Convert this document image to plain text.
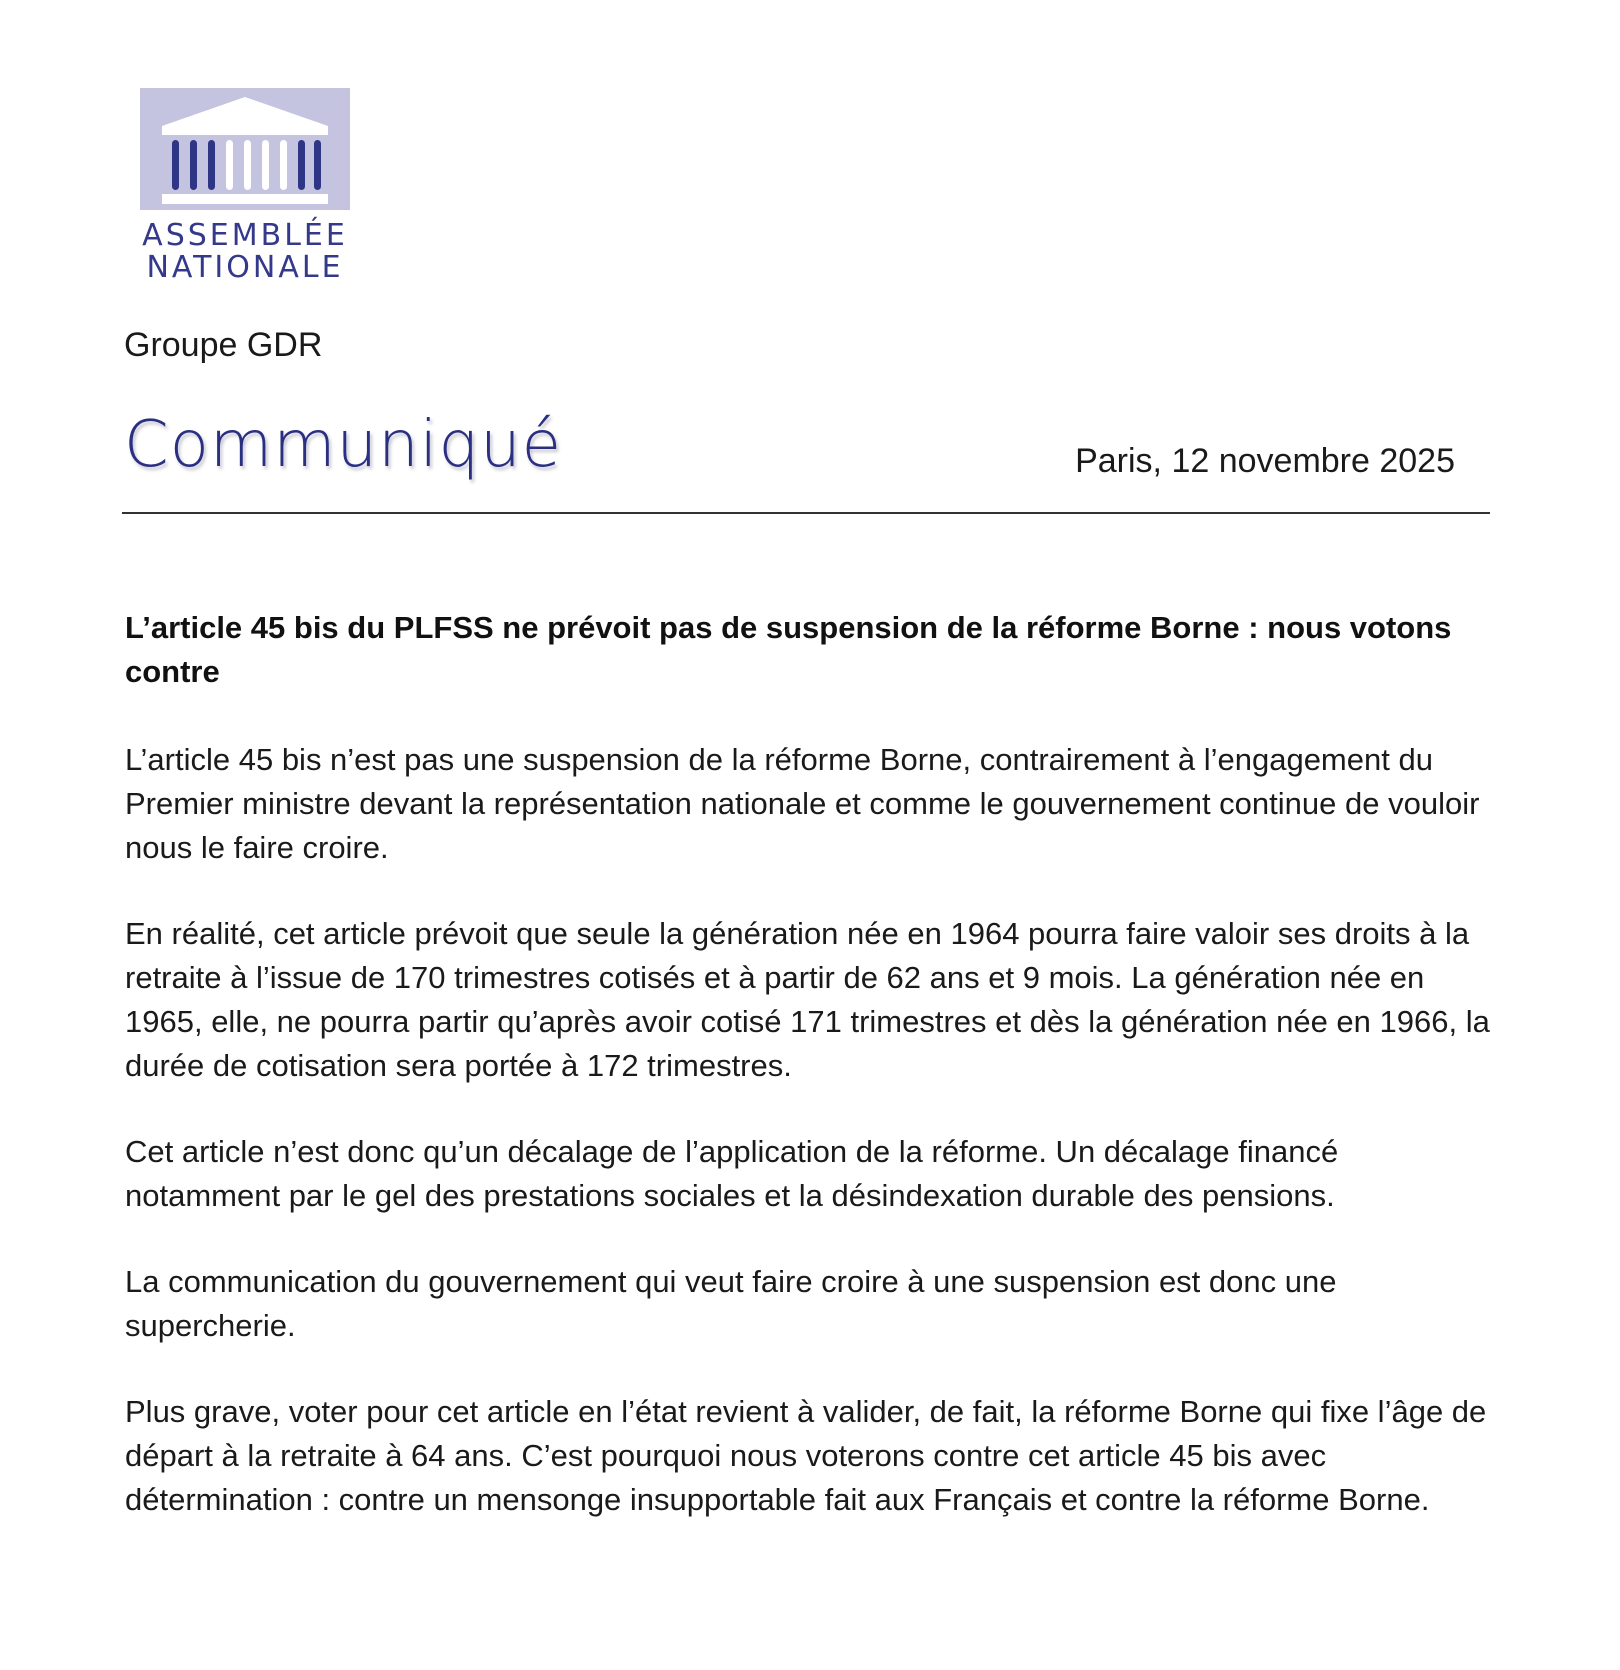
ASSEMBLÉE
NATIONALE
Groupe GDR
Communiqué	Paris, 12 novembre 2025

L’article 45 bis du PLFSS ne prévoit pas de suspension de la réforme Borne : nous votons contre

L’article 45 bis n’est pas une suspension de la réforme Borne, contrairement à l’engagement du Premier ministre devant la représentation nationale et comme le gouvernement continue de vouloir nous le faire croire.

En réalité, cet article prévoit que seule la génération née en 1964 pourra faire valoir ses droits à la retraite à l’issue de 170 trimestres cotisés et à partir de 62 ans et 9 mois. La génération née en 1965, elle, ne pourra partir qu’après avoir cotisé 171 trimestres et dès la génération née en 1966, la durée de cotisation sera portée à 172 trimestres.

Cet article n’est donc qu’un décalage de l’application de la réforme. Un décalage financé notamment par le gel des prestations sociales et la désindexation durable des pensions.

La communication du gouvernement qui veut faire croire à une suspension est donc une supercherie.

Plus grave, voter pour cet article en l’état revient à valider, de fait, la réforme Borne qui fixe l’âge de départ à la retraite à 64 ans. C’est pourquoi nous voterons contre cet article 45 bis avec détermination : contre un mensonge insupportable fait aux Français et contre la réforme Borne.
